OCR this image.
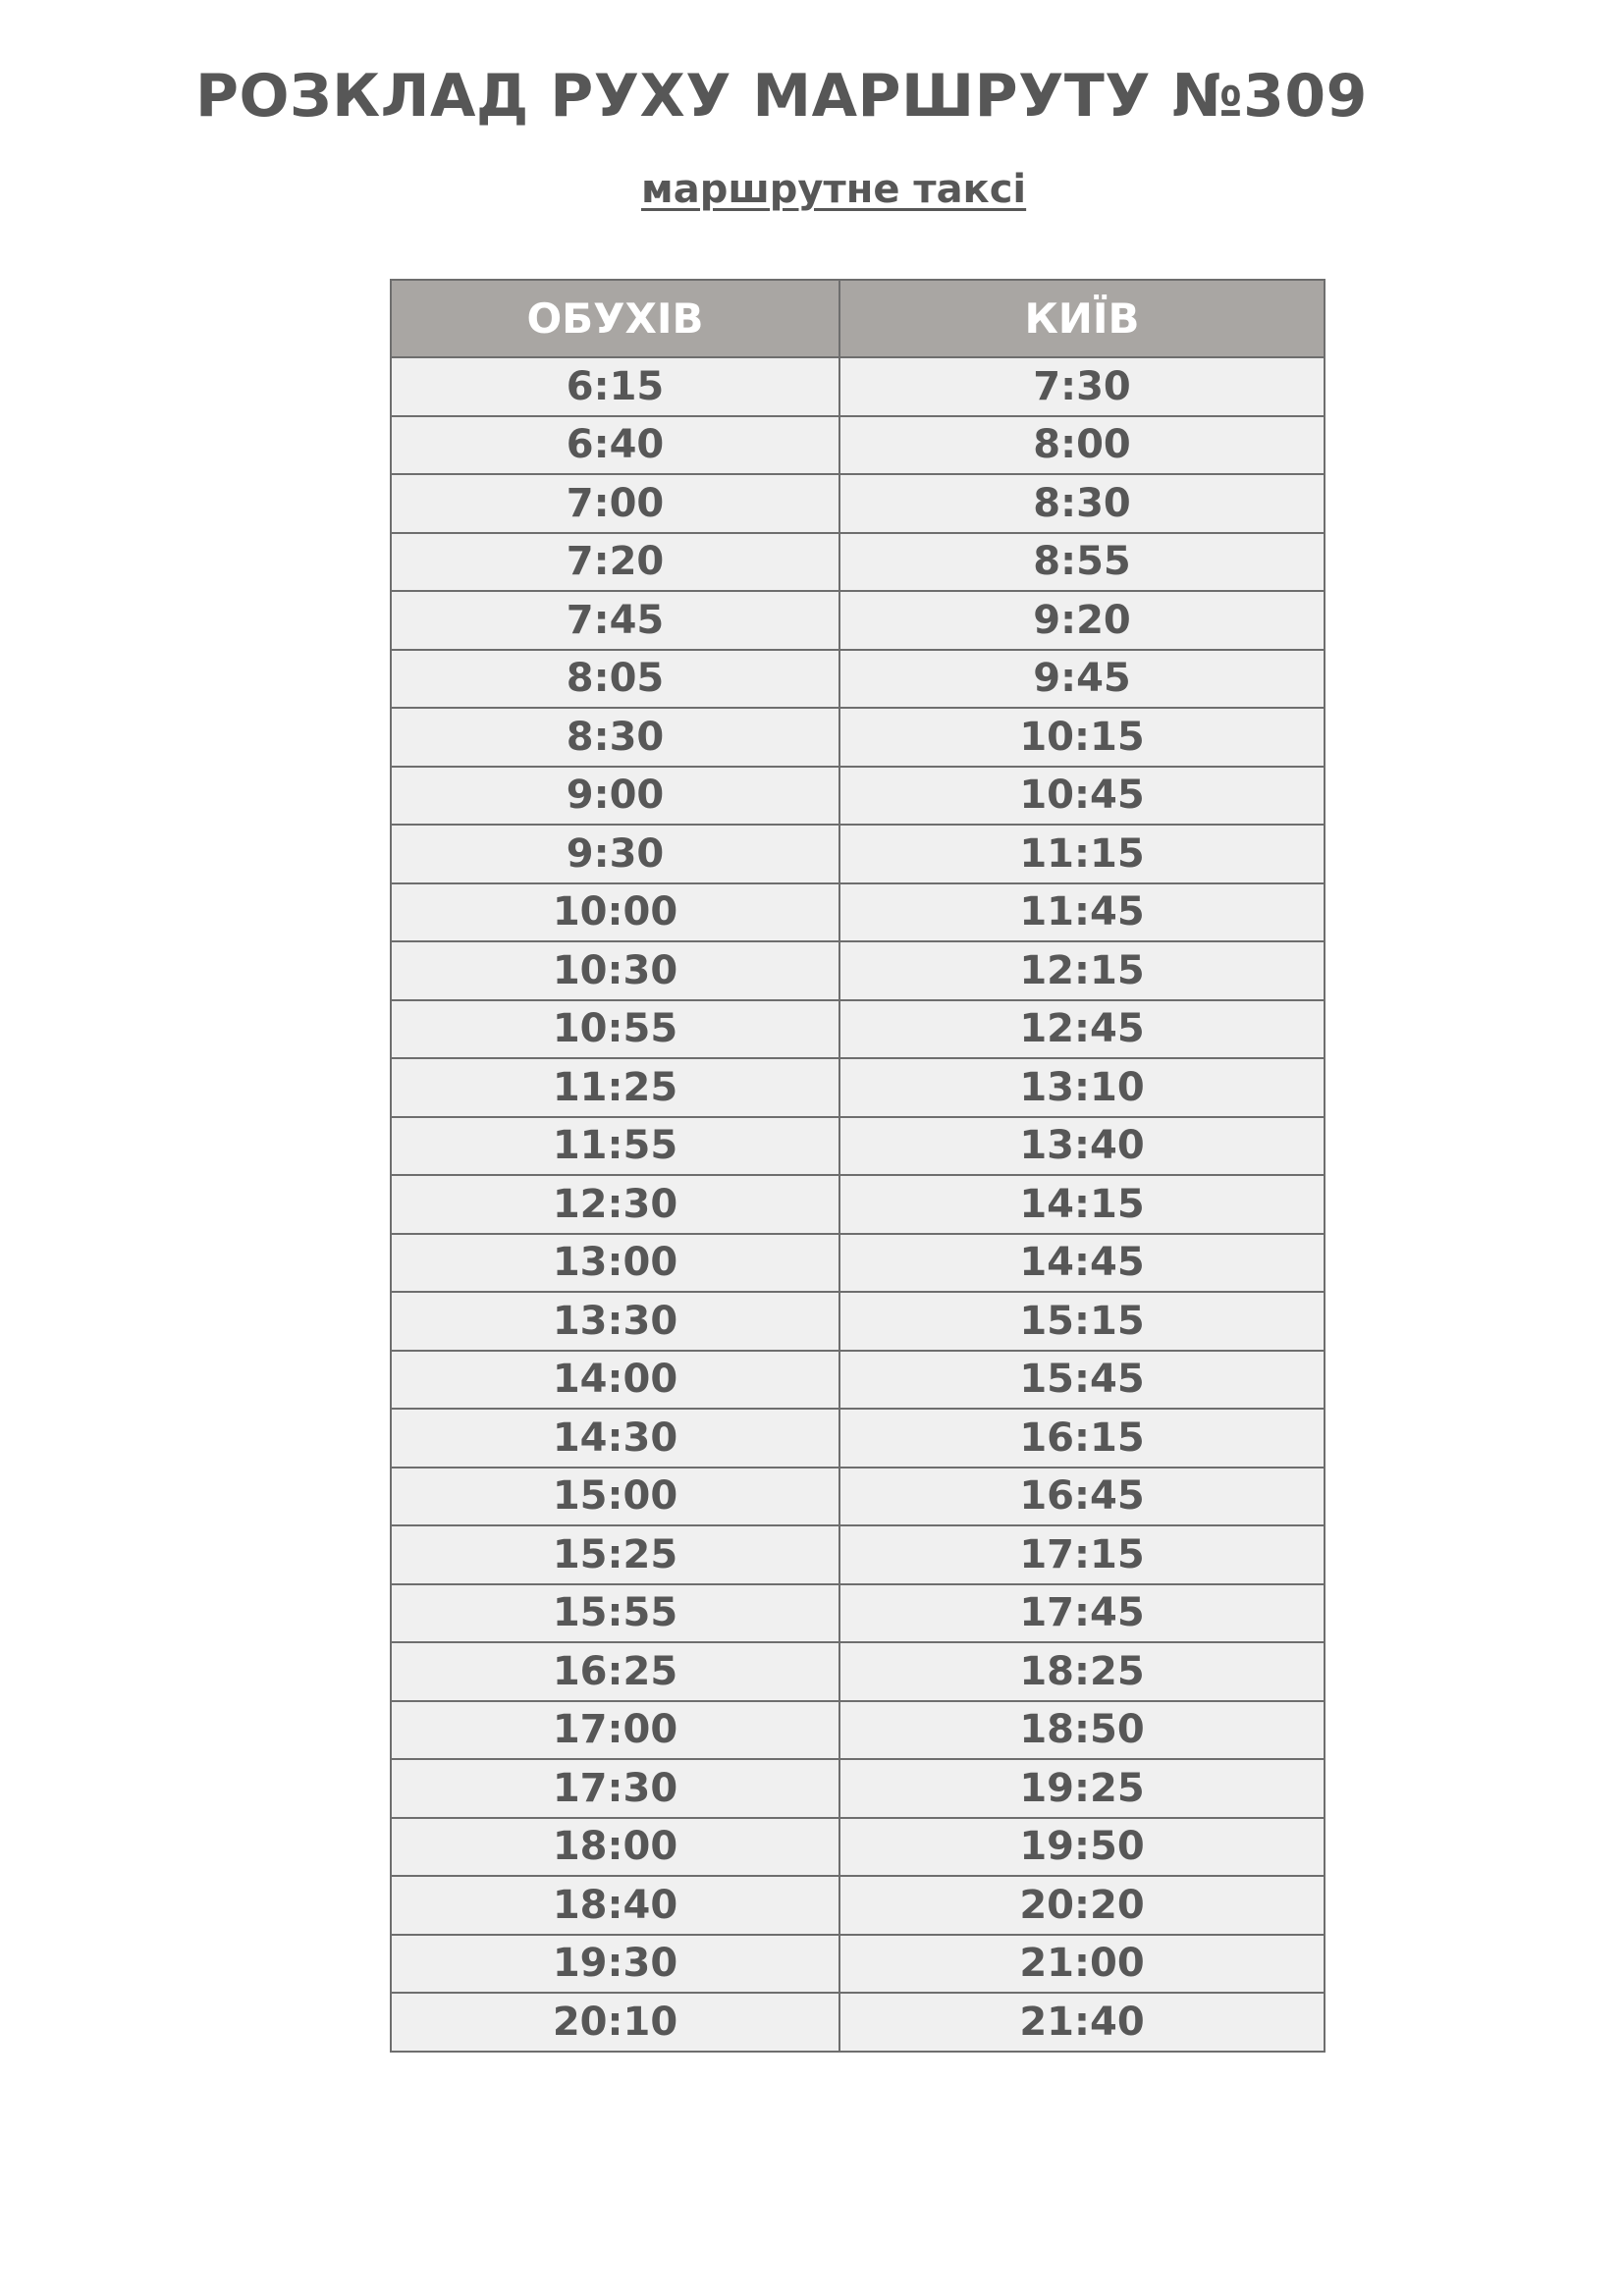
РОЗКЛАД РУХУ МАРШРУТУ №309
маршрутне таксі
ОБУХІВ	КИЇВ
6:15	7:30
6:40	8:00
7:00	8:30
7:20	8:55
7:45	9:20
8:05	9:45
8:30	10:15
9:00	10:45
9:30	11:15
10:00	11:45
10:30	12:15
10:55	12:45
11:25	13:10
11:55	13:40
12:30	14:15
13:00	14:45
13:30	15:15
14:00	15:45
14:30	16:15
15:00	16:45
15:25	17:15
15:55	17:45
16:25	18:25
17:00	18:50
17:30	19:25
18:00	19:50
18:40	20:20
19:30	21:00
20:10	21:40
